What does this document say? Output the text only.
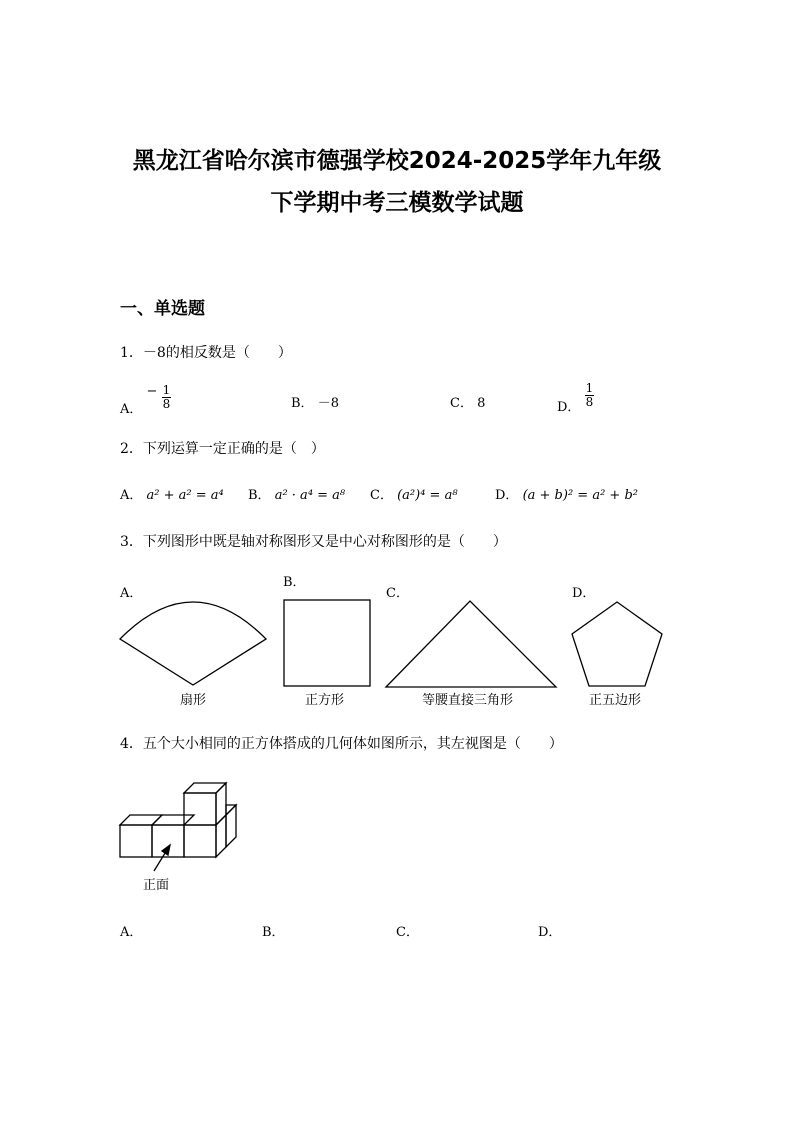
黑龙江省哈尔滨市德强学校2024-2025学年九年级
下学期中考三模数学试题
一、单选题
1．－8的相反数是（　　）
A． − $\frac{1}{8}$	B． －8	C． 8	D． $\frac{1}{8}$
2．下列运算一定正确的是（　）
A． a² + a² = a⁴ B． a² · a⁴ = a⁸ C． (a²)⁴ = a⁸	D． (a + b)² = a² + b²
3．下列图形中既是轴对称图形又是中心对称图形的是（　　）
A．
B．
C．	D．
扇形	正方形	等腰直接三角形	正五边形
4．五个大小相同的正方体搭成的几何体如图所示，其左视图是（　　）
正面
A．	B．	C．	D．
